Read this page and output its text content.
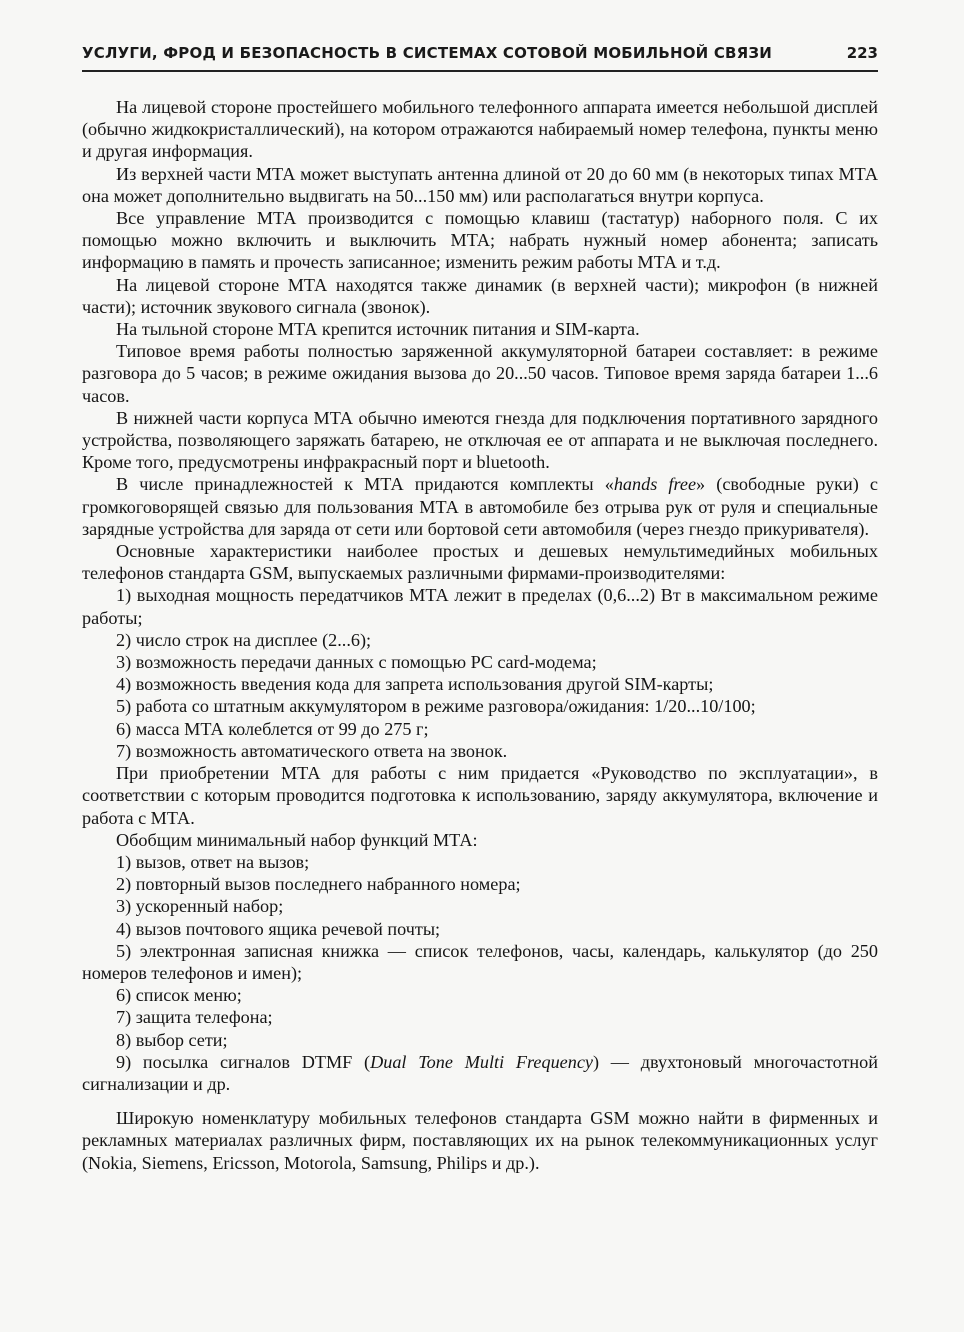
УСЛУГИ, ФРОД И БЕЗОПАСНОСТЬ В СИСТЕМАХ СОТОВОЙ МОБИЛЬНОЙ СВЯЗИ	223

На лицевой стороне простейшего мобильного телефонного аппарата имеется небольшой дисплей (обычно жидкокристаллический), на котором отражаются набираемый номер телефона, пункты меню и другая информация.

Из верхней части МТА может выступать антенна длиной от 20 до 60 мм (в некоторых типах МТА она может дополнительно выдвигать на 50...150 мм) или располагаться внутри корпуса.

Все управление МТА производится с помощью клавиш (тастатур) наборного поля. С их помощью можно включить и выключить МТА; набрать нужный номер абонента; записать информацию в память и прочесть записанное; изменить режим работы МТА и т.д.

На лицевой стороне МТА находятся также динамик (в верхней части); микрофон (в нижней части); источник звукового сигнала (звонок).

На тыльной стороне МТА крепится источник питания и SIM-карта.

Типовое время работы полностью заряженной аккумуляторной батареи составляет: в режиме разговора до 5 часов; в режиме ожидания вызова до 20...50 часов. Типовое время заряда батареи 1...6 часов.

В нижней части корпуса МТА обычно имеются гнезда для подключения портативного зарядного устройства, позволяющего заряжать батарею, не отключая ее от аппарата и не выключая последнего. Кроме того, предусмотрены инфракрасный порт и bluetooth.

В числе принадлежностей к МТА придаются комплекты «hands free» (свободные руки) с громкоговорящей связью для пользования МТА в автомобиле без отрыва рук от руля и специальные зарядные устройства для заряда от сети или бортовой сети автомобиля (через гнездо прикуривателя).

Основные характеристики наиболее простых и дешевых немультимедийных мобильных телефонов стандарта GSM, выпускаемых различными фирмами-производителями:

1) выходная мощность передатчиков МТА лежит в пределах (0,6...2) Вт в максимальном режиме работы;

2) число строк на дисплее (2...6);

3) возможность передачи данных с помощью PC card-модема;

4) возможность введения кода для запрета использования другой SIM-карты;

5) работа со штатным аккумулятором в режиме разговора/ожидания: 1/20...10/100;

6) масса МТА колеблется от 99 до 275 г;

7) возможность автоматического ответа на звонок.

При приобретении МТА для работы с ним придается «Руководство по эксплуатации», в соответствии с которым проводится подготовка к использованию, заряду аккумулятора, включение и работа с МТА.

Обобщим минимальный набор функций МТА:

1) вызов, ответ на вызов;

2) повторный вызов последнего набранного номера;

3) ускоренный набор;

4) вызов почтового ящика речевой почты;

5) электронная записная книжка — список телефонов, часы, календарь, калькулятор (до 250 номеров телефонов и имен);

6) список меню;

7) защита телефона;

8) выбор сети;

9) посылка сигналов DTMF (Dual Tone Multi Frequency) — двухтоновый многочастотной сигнализации и др.

Широкую номенклатуру мобильных телефонов стандарта GSM можно найти в фирменных и рекламных материалах различных фирм, поставляющих их на рынок телекоммуникационных услуг (Nokia, Siemens, Ericsson, Motorola, Samsung, Philips и др.).
